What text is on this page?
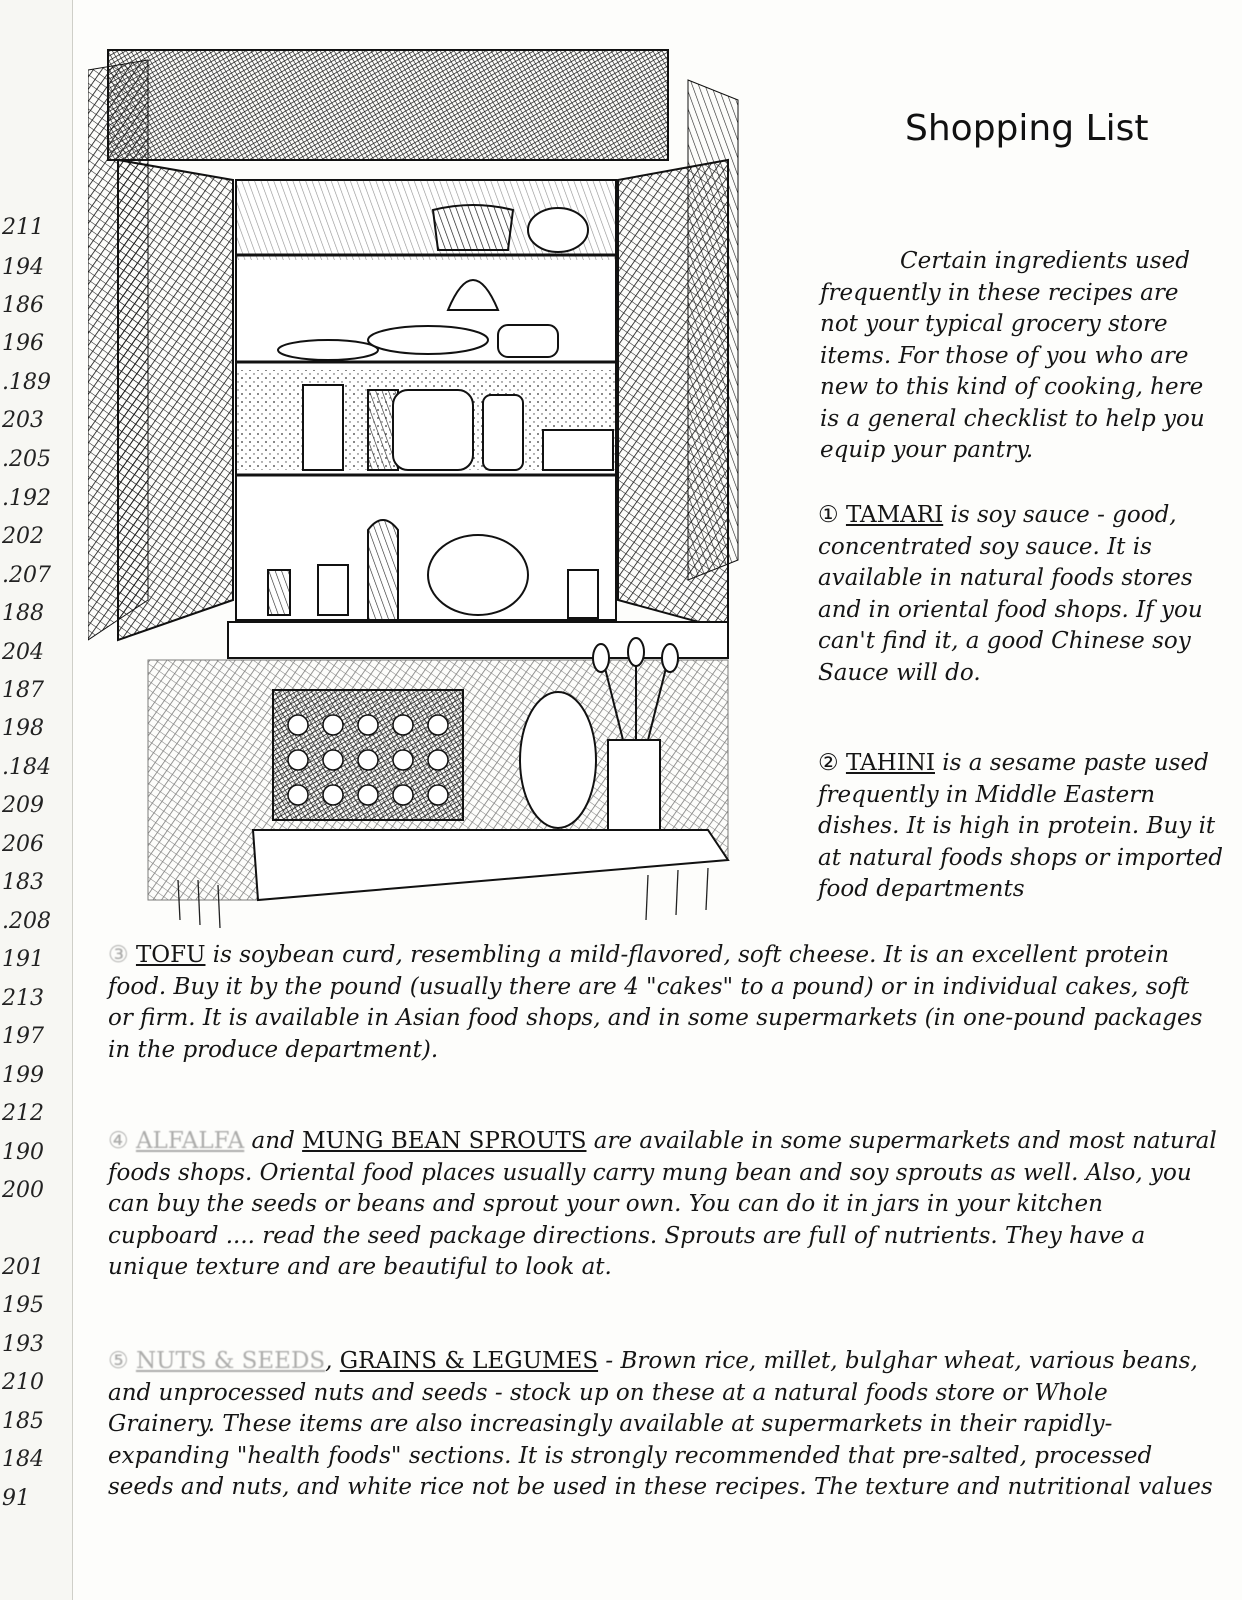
211
194
186
196
.189
203
.205
.192
202
.207
188
204
187
198
.184
209
206
183
.208
191
213
197
199
212
190
200
201
195
193
210
185
184
91
Shopping List

Certain ingredients used frequently in these recipes are not your typical grocery store items. For those of you who are new to this kind of cooking, here is a general checklist to help you equip your pantry.

① TAMARI is soy sauce - good, concentrated soy sauce. It is available in natural foods stores and in oriental food shops. If you can't find it, a good Chinese soy Sauce will do.

② TAHINI is a sesame paste used frequently in Middle Eastern dishes. It is high in protein. Buy it at natural foods shops or imported food departments

③ TOFU is soybean curd, resembling a mild-flavored, soft cheese. It is an excellent protein food. Buy it by the pound (usually there are 4 "cakes" to a pound) or in individual cakes, soft or firm. It is available in Asian food shops, and in some supermarkets (in one-pound packages in the produce department).

④ ALFALFA and MUNG BEAN SPROUTS are available in some supermarkets and most natural foods shops. Oriental food places usually carry mung bean and soy sprouts as well. Also, you can buy the seeds or beans and sprout your own. You can do it in jars in your kitchen cupboard .... read the seed package directions. Sprouts are full of nutrients. They have a unique texture and are beautiful to look at.

⑤ NUTS & SEEDS, GRAINS & LEGUMES - Brown rice, millet, bulghar wheat, various beans, and unprocessed nuts and seeds - stock up on these at a natural foods store or Whole Grainery. These items are also increasingly available at supermarkets in their rapidly-expanding "health foods" sections. It is strongly recommended that pre-salted, processed seeds and nuts, and white rice not be used in these recipes. The texture and nutritional values
